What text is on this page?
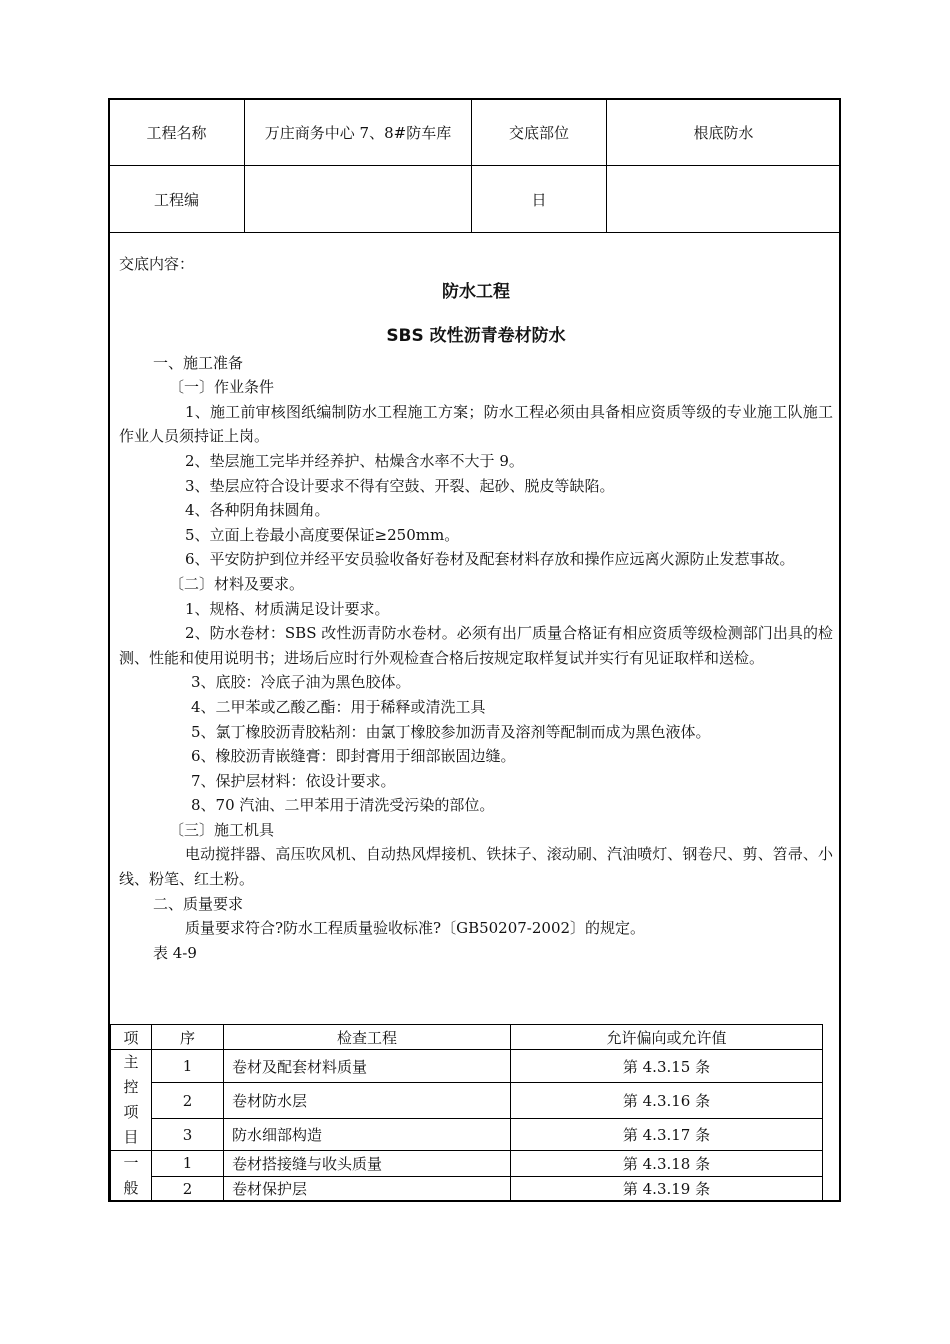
工程名称	万庄商务中心 7、8#防车库	交底部位	根底防水
工程编		日	

交底内容：

防水工程

SBS 改性沥青卷材防水

一、施工准备

〔一〕作业条件

1、施工前审核图纸编制防水工程施工方案；防水工程必须由具备相应资质等级的专业施工队施工作业人员须持证上岗。

2、垫层施工完毕并经养护、枯燥含水率不大于 9。

3、垫层应符合设计要求不得有空鼓、开裂、起砂、脱皮等缺陷。

4、各种阴角抹圆角。

5、立面上卷最小高度要保证≥250mm。

6、平安防护到位并经平安员验收备好卷材及配套材料存放和操作应远离火源防止发惹事故。

〔二〕材料及要求。

1、规格、材质满足设计要求。

2、防水卷材：SBS 改性沥青防水卷材。必须有出厂质量合格证有相应资质等级检测部门出具的检测、性能和使用说明书；进场后应时行外观检查合格后按规定取样复试并实行有见证取样和送检。

3、底胶：冷底子油为黑色胶体。

4、二甲苯或乙酸乙酯：用于稀释或清洗工具

5、氯丁橡胶沥青胶粘剂：由氯丁橡胶参加沥青及溶剂等配制而成为黑色液体。

6、橡胶沥青嵌缝膏：即封膏用于细部嵌固边缝。

7、保护层材料：依设计要求。

8、70 汽油、二甲苯用于清洗受污染的部位。

〔三〕施工机具

电动搅拌器、高压吹风机、自动热风焊接机、铁抹子、滚动刷、汽油喷灯、钢卷尺、剪、笤帚、小线、粉笔、红土粉。

二、质量要求

质量要求符合?防水工程质量验收标准?〔GB50207-2002〕的规定。

表 4-9

项	序	检查工程	允许偏向或允许值
主控项目	1	卷材及配套材料质量	第 4.3.15 条
	2	卷材防水层	第 4.3.16 条
	3	防水细部构造	第 4.3.17 条
一般	1	卷材搭接缝与收头质量	第 4.3.18 条
	2	卷材保护层	第 4.3.19 条
